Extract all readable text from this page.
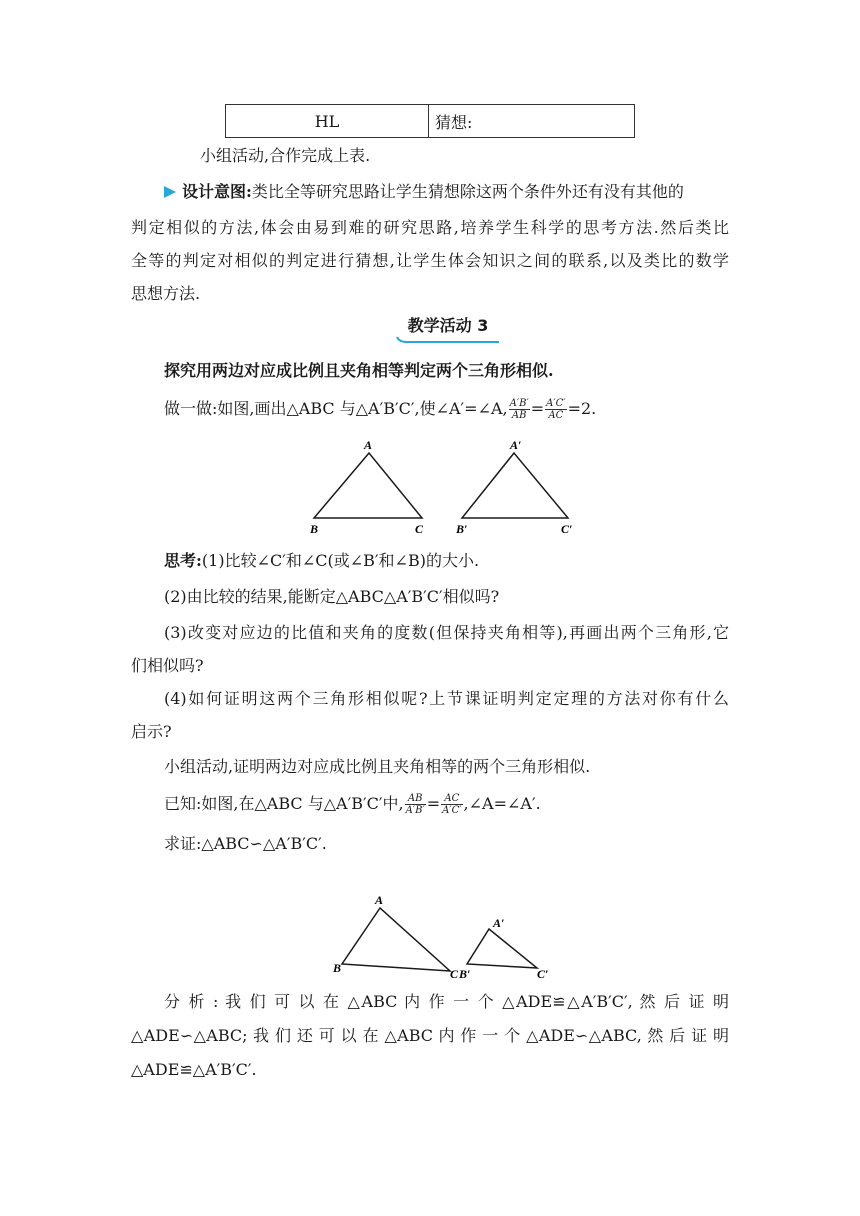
HL	猜想:
小组活动,合作完成上表.
设计意图:类比全等研究思路让学生猜想除这两个条件外还有没有其他的
判定相似的方法,体会由易到难的研究思路,培养学生科学的思考方法.然后类比
全等的判定对相似的判定进行猜想,让学生体会知识之间的联系,以及类比的数学
思想方法.
教学活动 3
探究用两边对应成比例且夹角相等判定两个三角形相似.
做一做:如图,画出△ABC 与△A′B′C′,使∠A′=∠A, $\frac{A'B'}{AB} = \frac{A'C'}{AC} =2$.
A
B	C
A′
B′	C′
思考:(1)比较∠C′和∠C(或∠B′和∠B)的大小.
(2)由比较的结果,能断定△ABC△A′B′C′相似吗?
(3)改变对应边的比值和夹角的度数(但保持夹角相等),再画出两个三角形,它
们相似吗?
(4)如何证明这两个三角形相似呢?上节课证明判定定理的方法对你有什么
启示?
小组活动,证明两边对应成比例且夹角相等的两个三角形相似.
已知:如图,在△ABC 与△A′B′C′中, $\frac{AB}{A'B'} = \frac{AC}{A'C'}$ ,∠A=∠A′.
求证:△ABC∽△A′B′C′.
A
B	C
A′
B′	C′
分 析 : 我 们 可 以 在 △ABC 内 作 一 个 △ADE≌△A′B′C′, 然 后 证 明
△ADE∽△ABC; 我 们 还 可 以 在 △ABC 内 作 一 个 △ADE∽△ABC, 然 后 证 明
△ADE≌△A′B′C′.
